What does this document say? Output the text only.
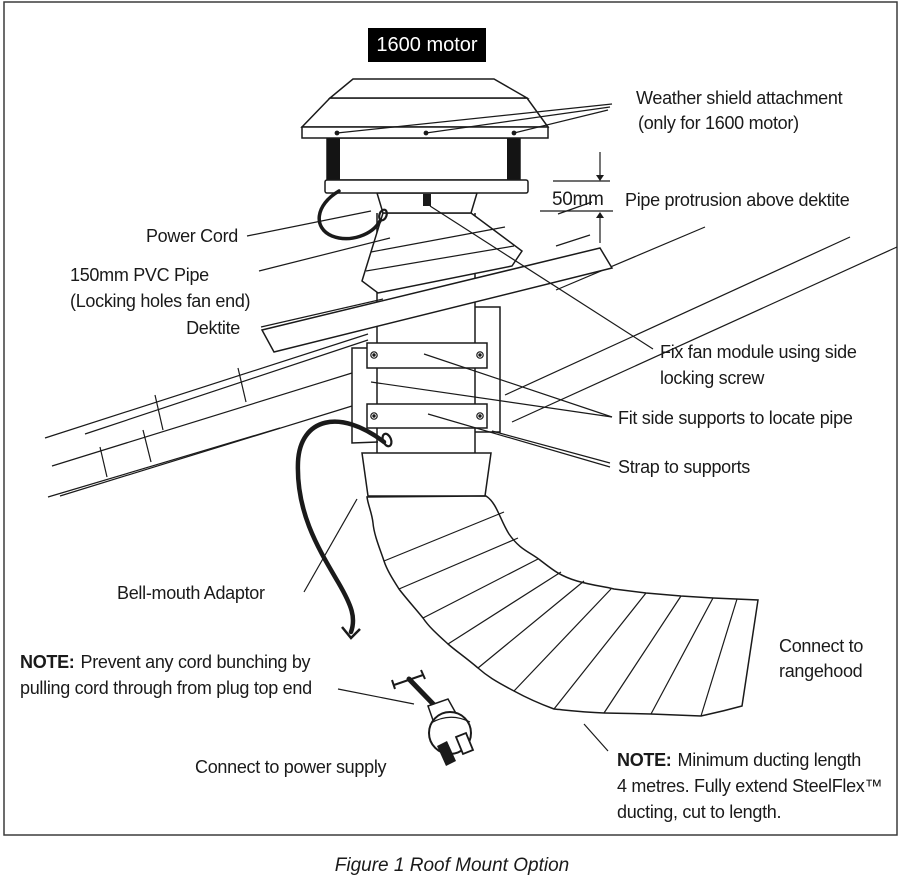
1600 motor
Weather shield attachment
(only for 1600 motor)
50mm Pipe protrusion above dektite
Power Cord
150mm PVC Pipe
(Locking holes fan end)
Dektite
Fix fan module using side
locking screw
Fit side supports to locate pipe
Strap to supports
Bell-mouth Adaptor
Connect to
rangehood
Connect to power supply
NOTE: Prevent any cord bunching by
pulling cord through from plug top end
NOTE: Minimum ducting length
4 metres. Fully extend SteelFlex™
ducting, cut to length.
Figure 1 Roof Mount Option
